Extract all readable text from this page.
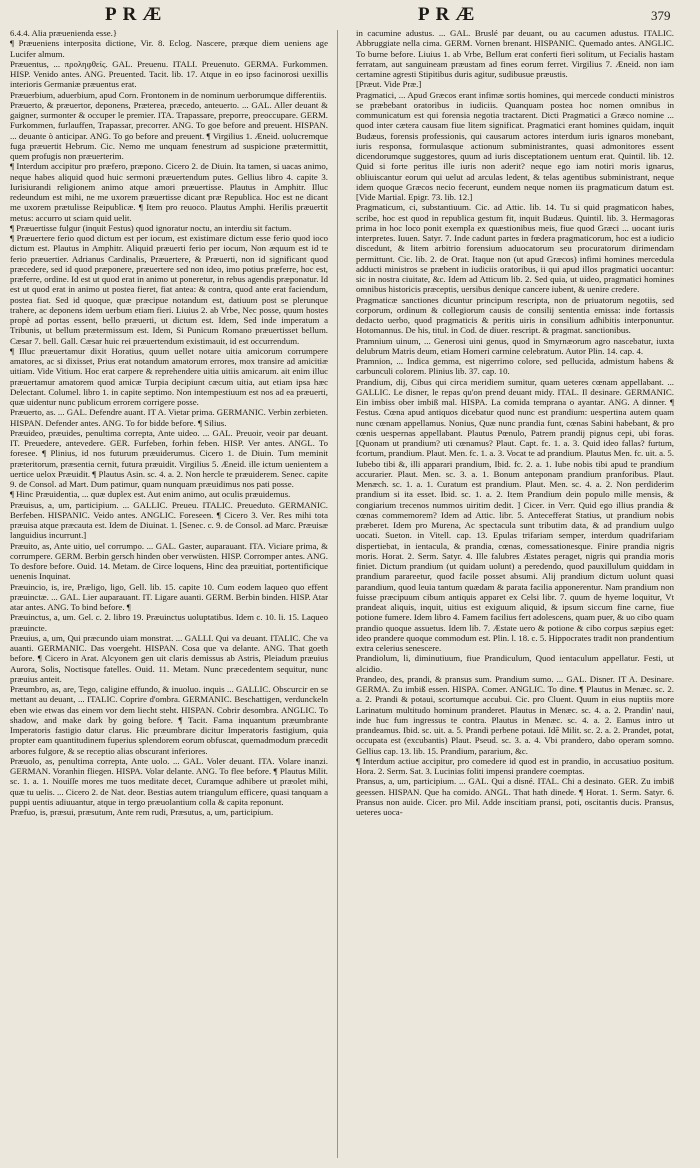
PRÆ	PRÆ	379

6.4.4. Alia præuenienda esse.}

¶ Præueniens interposita dictione, Vir. 8. Eclog. Nascere, præque diem ueniens age Lucifer almum.

Præuentus, ... προληφθείς. GAL. Preuenu. ITALI. Preuenuto. GERMA. Furkommen. HISP. Venido antes. ANG. Preuented. Tacit. lib. 17. Atque in eo ipso facinorosi uexillis interioris Germaniæ præuentus erat.

Præuerbium, aduerbium, apud Corn. Frontonem in de nominum uerborumque differentiis.

Præuerto, & præuertor, deponens, Præterea, præcedo, anteuerto. ... GAL. Aller deuant & gaigner, surmonter & occuper le premier. ITA. Trapassare, preporre, preoccupare. GERM. Furkommen, furlauffen, Trapassar, precorrer. ANG. To goe before and preuent. HISPAN. ... deuante ò anticipar. ANG. To go before and preuent. ¶ Virgilius 1. Æneid. uolucremque fuga præuertit Hebrum. Cic. Nemo me unquam fenestrum ad suspicione prætermittit, quem profugis non præuerterim.

¶ Interdum accipitur pro præfero, præpono. Cicero 2. de Diuin. Ita tamen, si uacas animo, neque habes aliquid quod huic sermoni præuertendum putes. Gellius libro 4. capite 3. Iurisiurandi religionem animo atque amori præuertisse. Plautus in Amphitr. Illuc redeundum est mihi, ne me uxorem præuertisse dicant præ Republica. Hoc est ne dicant me uxorem prætulisse Reipublicæ. ¶ Item pro reuoco. Plautus Amphi. Herilis præuertit metus: accurro ut sciam quid uelit.

¶ Præuertisse fulgur (inquit Festus) quod ignoratur noctu, an interdiu sit factum.

¶ Præuertere ferio quod dictum est per iocum, est existimare dictum esse ferio quod ioco dictum est. Plautus in Amphitr. Aliquid præuerti ferio per iocum, Non æquum est id te ferio præuertier. Adrianus Cardinalis, Præuertere, & Præuerti, non id significant quod præcedere, sed id quod præponere, præuertere sed non ideo, imo potius præferre, hoc est, præferre, ordine. Id est ut quod erat in animo ut poneretur, in rebus agendis præponatur. Id est ut quod erat in animo ut postea fieret, fiat antea: & contra, quod ante erat faciendum, postea fiat. Sed id quoque, quæ præcipue notandum est, datiuum post se plerunque trahere, ac deponens idem uerbum etiam fieri. Liuius 2. ab Vrbe, Nec posse, quum hostes propè ad portas essent, bello præuerti, ut dictum est. Idem, Sed inde imperatum a Tribunis, ut bellum prætermissum est. Idem, Si Punicum Romano præuertisset bellum. Cæsar 7. bell. Gall. Cæsar huic rei præuertendum existimauit, id est occurrendum.

¶ Illuc præuertamur dixit Horatius, quum uellet notare uitia amicorum corrumpere amatores, ac si dixisset, Prius erat notandum amatorum errores, mox transire ad amicitiæ uitiam. Vide Vitium. Hoc erat carpere & reprehendere uitia uitiis amicarum. ait enim illuc præuertamur amatorem quod amicæ Turpia decipiunt cæcum uitia, aut etiam ipsa hæc Delectant. Columel. libro 1. in capite septimo. Non intempestiuum est nos ad ea præuerti, quæ uidentur nunc publicum errorem corrigere posse.

Præuerto, as. ... GAL. Defendre auant. IT A. Vietar prima. GERMANIC. Verbin zerbieten. HISPAN. Defender antes. ANG. To for bidde before. ¶ Silius.

Præuideo, præuides, penultima correpta, Ante uideo. ... GAL. Preuoir, veoir par deuant. IT. Preuedere, antevedere. GER. Furfeben, forhin feben. HISP. Ver antes. ANGL. To foresee. ¶ Plinius, id nos futurum præuiderumus. Cicero 1. de Diuin. Tum meminit præteritorum, præsentia cernit, futura præuidit. Virgilius 5. Æneid. ille ictum uenientem a uertice uelox Præuidit. ¶ Plautus Asin. sc. 4. a. 2. Non hercle te præuiderem. Senec. capite 9. de Consol. ad Mart. Dum patimur, quam nunquam præuidimus nos pati posse.

¶ Hinc Præuidentia, ... quæ duplex est. Aut enim animo, aut oculis præuidemus.

Præuisus, a, um, participium. ... GALLIC. Preueu. ITALIC. Preueduto. GERMANIC. Berfeben. HISPANIC. Veido antes. ANGLIC. Foreseen. ¶ Cicero 3. Ver. Res mihi tota præuisa atque præcauta est. Idem de Diuinat. 1. [Senec. c. 9. de Consol. ad Marc. Præuisæ languidius incurrunt.]

Præuito, as, Ante uitio, uel corrumpo. ... GAL. Gaster, auparauant. ITA. Viciare prima, & corrumpere. GERM. Berbin gersch hinden ober verwüsten. HISP. Corromper antes. ANG. To desfore before. Ouid. 14. Metam. de Circe loquens, Hinc dea præuitiat, portentificique uenenis Inquinat.

Præuincio, is, ire, Præligo, ligo, Gell. lib. 15. capite 10. Cum eodem laqueo quo effent præuinctæ. ... GAL. Lier auparauant. IT. Ligare auanti. GERM. Berbin binden. HISP. Atar atar antes. ANG. To bind before. ¶

Præuinctus, a, um. Gel. c. 2. libro 19. Præuinctus uoluptatibus. Idem c. 10. li. 15. Laqueo præuincte.

Præuius, a, um, Qui præcundo uiam monstrat. ... GALLI. Qui va deuant. ITALIC. Che va auanti. GERMANIC. Das voergeht. HISPAN. Cosa que va delante. ANG. That goeth before. ¶ Cicero in Arat. Alcyonem gen uit claris demissus ab Astris, Pleiadum præuius Aurora, Solis, Noctisque fatelles. Ouid. 11. Metam. Nunc præcedentem sequitur, nunc præuius anteit.

Præumbro, as, are, Tego, caligine effundo, & inuoluo. inquis ... GALLIC. Obscurcir en se mettant au deuant, ... ITALIC. Coprire d'ombra. GERMANIC. Beschattigen, verdunckeln eben wie etwas das einem vor dem liecht steht. HISPAN. Cobrir desombra. ANGLIC. To shadow, and make dark by going before. ¶ Tacit. Fama inquantum præumbrante Imperatoris fastigio datur clarus. Hic præumbrare dicitur Imperatoris fastigium, quia propter eam quantitudinem fuperius splendorem eorum obfuscat, quemadmodum præcedit arbores fulgore, & se receptio alias obscurant inferiores.

Præuolo, as, penultima correpta, Ante uolo. ... GAL. Voler deuant. ITA. Volare inanzi. GERMAN. Voranhin fliegen. HISPA. Volar delante. ANG. To flee before. ¶ Plautus Milit. sc. 1. a. 1. Nouiſſe mores me tuos meditate decet, Curamque adhibere ut præolet mihi, quæ tu uelis. ... Cicero 2. de Nat. deor. Bestias autem triangulum efficere, quasi tanquam a puppi uentis adiuuantur, atque in tergo præuolantium colla & capita reponunt.

Præfuo, is, præsui, præsutum, Ante rem rudi, Præsutus, a, um, participium.

in cacumine adustus. ... GAL. Bruslé par deuant, ou au cacumen adustus. ITALIC. Abbruggiate nella cima. GERM. Vornen brenant. HISPANIC. Quemado antes. ANGLIC. To burne before. Liuius 1. ab Vrbe, Bellum erat conferti fieri solitum, ut Fecialis hastam ferratam, aut sanguineam præustam ad fines eorum ferret. Virgilius 7. Æneid. non iam certamine agresti Stipitibus duris agitur, sudibusue præustis.

[Præut. Vide Præ.]

Pragmatici, ... Apud Græcos erant infimæ sortis homines, qui mercede conducti ministros se præbebant oratoribus in iudiciis. Quanquam postea hoc nomen omnibus in communicatum est qui forensia negotia tractarent. Dicti Pragmatici a Græco nomine ... quod inter cætera causam fiue litem significat. Pragmatici erant homines quidam, inquit Budæus, forensis professionis, qui causarum actores interdum iuris ignaros monebant, iuris responsa, formulasque actionum subministrantes, quasi admonitores essent dicendorumque suggestores, quum ad iuris disceptationem uentum erat. Quintil. lib. 12. Quid si forte peritus ille iuris non aderit? neque ego iam notiri moris ignarus, obliuiscantur eorum qui uelut ad arculas ledent, & telas agentibus subministrant, neque idem quoque Græcos necio fecerunt, eundem neque nomen iis pragmaticum datum est. [Vide Martial. Epigr. 73. lib. 12.]

Pragmaticum, ci, substantiuum. Cic. ad Attic. lib. 14. Tu si quid pragmaticon habes, scribe, hoc est quod in republica gestum fit, inquit Budæus. Quintil. lib. 3. Hermagoras prima in hoc loco ponit exempla ex quæstionibus meis, fiue quod Græci ... uocant iuris interpretes. Iuuen. Satyr. 7. Inde cadunt partes in fœdera pragmaticorum, hoc est a iudicio discedunt, & litem arbitrio forensium aduocatorum seu procuratorum dirimendam permittunt. Cic. lib. 2. de Orat. Itaque non (ut apud Græcos) infimi homines mercedula adducti ministros se præbent in iudiciis oratoribus, ii qui apud illos pragmatici uocantur: sic in nostra ciuitate, &c. Idem ad Atticum lib. 2. Sed quia, ut uideo, pragmatici homines omnibus historicis præceptis, uersibus denique cancere iubent, & uenire credere.

Pragmaticæ sanctiones dicuntur principum rescripta, non de priuatorum negotiis, sed corporum, ordinum & collegiorum causis de consilij sententia emissa: inde fortassis dedacto uerbo, quod pragmaticis & peritis uiris in consilium adhibitis interponuntur. Hotomannus. De his, titul. in Cod. de diuer. rescript. & pragmat. sanctionibus.

Pramnium uinum, ... Generosi uini genus, quod in Smyrnæorum agro nascebatur, iuxta delubrum Matris deum, etiam Homeri carmine celebratum. Autor Plin. 14. cap. 4.

Pramnion, ... Indica gemma, est nigerrimo colore, sed pellucida, admistum habens & carbunculi colorem. Plinius lib. 37. cap. 10.

Prandium, dij, Cibus qui circa meridiem sumitur, quam ueteres cœnam appellabant. ... GALLIC. Le disner, le repas qu'on prend deuant midy. ITAL. Il desinare. GERMANIC. Ein imbiss ober imbiß mal. HISPA. La comida temprana o ayantar. ANG. A dinner. ¶ Festus. Cœna apud antiquos dicebatur quod nunc est prandium: uespertina autem quam nunc cœnam appellamus. Nonius, Quæ nunc prandia funt, cœnas Sabini habebant, & pro cœnis uespernas appellabant. Plautus Pœnulo, Patrem prandij pignus cepi, ubi foras. [Quonam ut prandium? uti cœnamus? Plaut. Capt. fc. 1. a. 3. Quid ideo fallas? furtum, fcortum, prandium. Plaut. Men. fc. 1. a. 3. Vocat te ad prandium. Plautus Men. fc. uit. a. 5. Iubebo tibi &, illi apparari prandium, Ibid. fc. 2. a. 1. Iube nobis tibi apud te prandium accurarier. Plaut. Men. sc. 3. a. 1. Bonum anteponam prandium pranforibus. Plaut. Menæch. sc. 1. a. 1. Curatum est prandium. Plaut. Men. sc. 4. a. 2. Non perdiderim prandium si ita esset. Ibid. sc. 1. a. 2. Item Prandium dein populo mille mensis, & congiarium trecenos nummos uiritim dedit. ] Cicer. in Verr. Quid ego illius prandia & cœnas commemorem? Idem ad Attic. libr. 5. Antecefferat Statius, ut prandium nobis præberet. Idem pro Murena, Ac spectacula sunt tributim data, & ad prandium uulgo uocati. Sueton. in Vitell. cap. 13. Epulas trifariam semper, interdum quadrifariam dispertiebat, in ientacula, & prandia, cœnas, comessationesque. Finire prandia nigris moris. Horat. 2. Serm. Satyr. 4. Ille falubres Æstates peraget, nigris qui prandia moris finiet. Dictum prandium (ut quidam uolunt) a peredendo, quod pauxillulum quiddam in prandium parareetur, quod facile posset absumi. Alij prandium dictum uolunt quasi parandium, quod leuia tantum quædam & parata facilia apponerentur. Nam prandium non fuisse præcipuum cibum antiquis apparet ex Celsi libr. 7. quum de hyeme loquitur, Vt prandeat aliquis, inquit, uitius est exiguum aliquid, & ipsum siccum fine carne, fiue potione fumere. Idem libro 4. Famem facilius fert adolescens, quam puer, & uo cibo quam prandio quoque assuetus. Idem lib. 7. Æstate uero & potione & cibo corpus sæpius eget: ideo prandere quoque commodum est. Plin. l. 18. c. 5. Hippocrates tradit non prandentium extra celerius senescere.

Prandiolum, li, diminutiuum, fiue Prandiculum, Quod ientaculum appellatur. Festi, ut alcidio.

Prandeo, des, prandi, & pransus sum. Prandium sumo. ... GAL. Disner. IT A. Desinare. GERMA. Zu imbiß essen. HISPA. Comer. ANGLIC. To dine. ¶ Plautus in Menæc. sc. 2. a. 2. Prandi & potaui, scortumque accubui. Cic. pro Cluent. Quum in eius nuptiis more Larinatum multitudo hominum pranderet. Plautus in Menæc. sc. 4. a. 2. Prandin' naui, inde huc fum ingressus te contra. Plautus in Menæc. sc. 4. a. 2. Eamus intro ut prandeamus. Ibid. sc. uit. a. 5. Prandi perbene potaui. Idē Milit. sc. 2. a. 2. Prandet, potat, occupata est (excubantis) Plaut. Pseud. sc. 3. a. 4. Vbi prandero, dabo operam somno. Gellius cap. 13. lib. 15. Prandium, pararium, &c.

¶ Interdum actiue accipitur, pro comedere id quod est in prandio, in accusatiuo positum. Hora. 2. Serm. Sat. 3. Lucinias foliti impensi prandere coemptas.

Pransus, a, um, participium. ... GAL. Qui a disné. ITAL. Chi a desinato. GER. Zu imbiß geessen. HISPAN. Que ha comido. ANGL. That hath dinede. ¶ Horat. 1. Serm. Satyr. 6. Pransus non auide. Cicer. pro Mil. Adde inscitiam pransi, poti, oscitantis ducis. Pransus, ueteres uoca-
